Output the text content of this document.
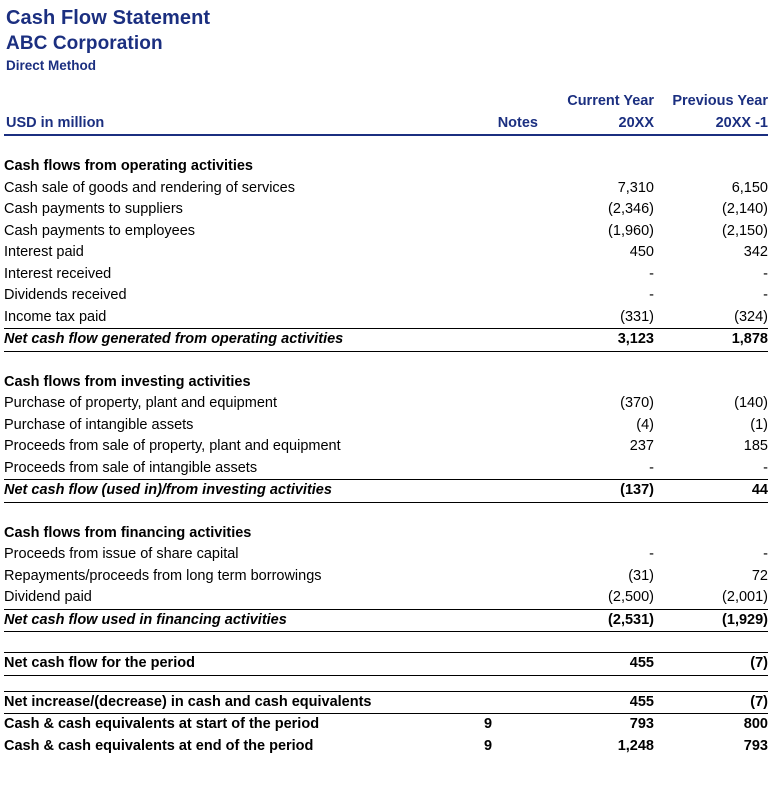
Cash Flow Statement
ABC Corporation
Direct Method
		Current Year	Previous Year
USD in million	Notes	20XX	20XX -1

Cash flows from operating activities			
Cash sale of goods and rendering of services		7,310	6,150
Cash payments to suppliers		(2,346)	(2,140)
Cash payments to employees		(1,960)	(2,150)
Interest paid		450	342
Interest received		-	-
Dividends received		-	-
Income tax paid		(331)	(324)
Net cash flow generated from operating activities		3,123	1,878

Cash flows from investing activities			
Purchase of property, plant and equipment		(370)	(140)
Purchase of intangible assets		(4)	(1)
Proceeds from sale of property, plant and equipment		237	185
Proceeds from sale of intangible assets		-	-
Net cash flow (used in)/from investing activities		(137)	44

Cash flows from financing activities			
Proceeds from issue of share capital		-	-
Repayments/proceeds from long term borrowings		(31)	72
Dividend paid		(2,500)	(2,001)
Net cash flow used in financing activities		(2,531)	(1,929)

Net cash flow for the period		455	(7)

Net increase/(decrease) in cash and cash equivalents		455	(7)
Cash & cash equivalents at start of the period	9	793	800
Cash & cash equivalents at end of the period	9	1,248	793
